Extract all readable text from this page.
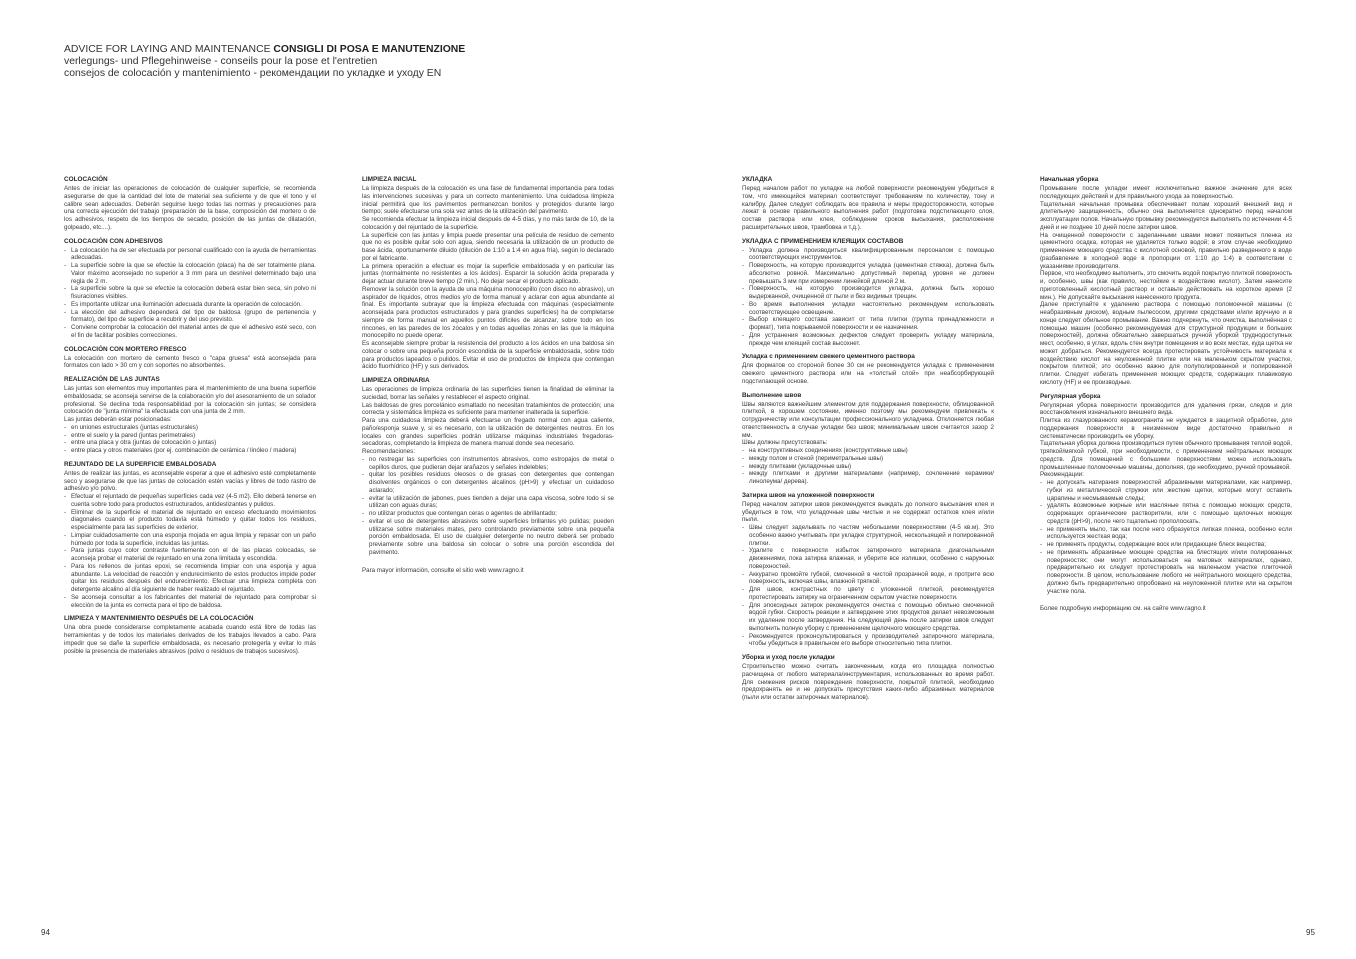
ADVICE FOR LAYING AND MAINTENANCE CONSIGLI DI POSA E MANUTENZIONE
verlegungs- und Pflegehinweise - conseils pour la pose et l'entretien
consejos de colocación y mantenimiento - рекомендации по укладке и уходу EN
COLOCACIÓN

Antes de iniciar las operaciones de colocación de cualquier superficie, se recomienda asegurarse de que la cantidad del lote de material sea suficiente y de que el tono y el calibre sean adecuados. Deberán seguirse luego todas las normas y precauciones para una correcta ejecución del trabajo (preparación de la base, composición del mortero o de los adhesivos, respeto de los tiempos de secado, posición de las juntas de dilatación, golpeado, etc....).

COLOCACIÓN CON ADHESIVOS
- La colocación ha de ser efectuada por personal cualificado con la ayuda de herramientas adecuadas.
- La superficie sobre la que se efectúe la colocación (placa) ha de ser totalmente plana. Valor máximo aconsejado no superior a 3 mm para un desnivel determinado bajo una regla de 2 m.
- La superficie sobre la que se efectúe la colocación deberá estar bien seca, sin polvo ni fisuraciones visibles.
- Es importante utilizar una iluminación adecuada durante la operación de colocación.
- La elección del adhesivo dependerá del tipo de baldosa (grupo de pertenencia y formato), del tipo de superficie a recubrir y del uso previsto.
- Conviene comprobar la colocación del material antes de que el adhesivo esté seco, con el fin de facilitar posibles correcciones.
COLOCACIÓN CON MORTERO FRESCO

La colocación con mortero de cemento fresco o "capa gruesa" está aconsejada para formatos con lado > 30 cm y con soportes no absorbentes.

REALIZACIÓN DE LAS JUNTAS

Las juntas son elementos muy importantes para el mantenimiento de una buena superficie embaldosada; se aconseja servirse de la colaboración y/o del asesoramiento de un solador profesional. Se declina toda responsabilidad por la colocación sin juntas; se considera colocación de "junta mínima" la efectuada con una junta de 2 mm.

Las juntas deberán estar posicionadas:

- en uniones estructurales (juntas estructurales)
- entre el suelo y la pared (juntas perimetrales)
- entre una placa y otra (juntas de colocación o juntas)
- entre placa y otros materiales (por ej. combinación de cerámica / linóleo / madera)
REJUNTADO DE LA SUPERFICIE EMBALDOSADA

Antes de realizar las juntas, es aconsejable esperar a que el adhesivo esté completamente seco y asegurarse de que las juntas de colocación estén vacías y libres de todo rastro de adhesivo y/o polvo.

- Efectuar el rejuntado de pequeñas superficies cada vez (4-5 m2). Ello deberá tenerse en cuenta sobre todo para productos estructurados, antideslizantes y pulidos.
- Eliminar de la superficie el material de rejuntado en exceso efectuando movimientos diagonales cuando el producto todavía está húmedo y quitar todos los residuos, especialmente para las superficies de exterior.
- Limpiar cuidadosamente con una esponja mojada en agua limpia y repasar con un paño húmedo por toda la superficie, incluidas las juntas.
- Para juntas cuyo color contraste fuertemente con el de las placas colocadas, se aconseja probar el material de rejuntado en una zona limitada y escondida.
- Para los rellenos de juntas epoxi, se recomienda limpiar con una esponja y agua abundante. La velocidad de reacción y endurecimiento de estos productos impide poder quitar los residuos después del endurecimiento. Efectuar una limpieza completa con detergente alcalino al día siguiente de haber realizado el rejuntado.
- Se aconseja consultar a los fabricantes del material de rejuntado para comprobar si elección de la junta es correcta para el tipo de baldosa.
LIMPIEZA Y MANTENIMIENTO DESPUÉS DE LA COLOCACIÓN

Una obra puede considerarse completamente acabada cuando está libre de todas las herramientas y de todos los materiales derivados de los trabajos llevados a cabo. Para impedir que se dañe la superficie embaldosada, es necesario protegerla y evitar lo más posible la presencia de materiales abrasivos (polvo o residuos de trabajos sucesivos).

LIMPIEZA INICIAL

La limpieza después de la colocación es una fase de fundamental importancia para todas las intervenciones sucesivas y para un correcto mantenimiento. Una cuidadosa limpieza inicial permitirá que los pavimentos permanezcan bonitos y protegidos durante largo tiempo; suele efectuarse una sola vez antes de la utilización del pavimento.

Se recomienda efectuar la limpieza inicial después de 4-5 días, y no más tarde de 10, de la colocación y del rejuntado de la superficie.

La superficie con las juntas y limpia puede presentar una película de residuo de cemento que no es posible quitar solo con agua, siendo necesaria la utilización de un producto de base ácida, oportunamente diluido (dilución de 1:10 a 1:4 en agua fría), según lo declarado por el fabricante.

La primera operación a efectuar es mojar la superficie embaldosada y en particular las juntas (normalmente no resistentes a los ácidos). Esparcir la solución ácida preparada y dejar actuar durante breve tiempo (2 min.). No dejar secar el producto aplicado.

Remover la solución con la ayuda de una máquina monocepillo (con disco no abrasivo), un aspirador de líquidos, otros medios y/o de forma manual y aclarar con agua abundante al final. Es importante subrayar que la limpieza efectuada con máquinas (especialmente aconsejada para productos estructurados y para grandes superficies) ha de completarse siempre de forma manual en aquellos puntos difíciles de alcanzar, sobre todo en los rincones, en las paredes de los zócalos y en todas aquellas zonas en las que la máquina monocepillo no puede operar.

Es aconsejable siempre probar la resistencia del producto a los ácidos en una baldosa sin colocar o sobre una pequeña porción escondida de la superficie embaldosada, sobre todo para productos lapeados o pulidos. Evitar el uso de productos de limpieza que contengan ácido fluorhídrico (HF) y sus derivados.

LIMPIEZA ORDINARIA

Las operaciones de limpieza ordinaria de las superficies tienen la finalidad de eliminar la suciedad, borrar las señales y restablecer el aspecto original.

Las baldosas de gres porcelánico esmaltado no necesitan tratamientos de protección; una correcta y sistemática limpieza es suficiente para mantener inalterada la superficie.

Para una cuidadosa limpieza deberá efectuarse un fregado normal con agua caliente, paño/esponja suave y, si es necesario, con la utilización de detergentes neutros. En los locales con grandes superficies podrán utilizarse máquinas industriales fregadoras-secadoras, completando la limpieza de manera manual donde sea necesario.

Recomendaciones:

- no restregar las superficies con instrumentos abrasivos, como estropajos de metal o cepillos duros, que pudieran dejar arañazos y señales indelebles;
- quitar los posibles residuos oleosos o de grasas con detergentes que contengan disolventes orgánicos o con detergentes alcalinos (pH>9) y efectuar un cuidadoso aclarado;
- evitar la utilización de jabones, pues tienden a dejar una capa viscosa, sobre todo si se utilizan con aguas duras;
- no utilizar productos que contengan ceras o agentes de abrillantado;
- evitar el uso de detergentes abrasivos sobre superficies brillantes y/o pulidas; pueden utilizarse sobre materiales mates, pero controlando previamente sobre una pequeña porción embaldosada. El uso de cualquier detergente no neutro deberá ser probado previamente sobre una baldosa sin colocar o sobre una porción escondida del pavimento.

Para mayor información, consulte el sitio web www.ragno.it

УКЛАДКА

Перед началом работ по укладке на любой поверхности рекомендуем убедиться в том, что имеющийся материал соответствует требованиям по количеству, тону и калибру. Далее следует соблюдать все правила и меры предосторожности, которые лежат в основе правильного выполнения работ (подготовка подстилающего слоя, состав раствора или клея, соблюдение сроков высыхания, расположение расширительных швов, трамбовка и т.д.).

УКЛАДКА С ПРИМЕНЕНИЕМ КЛЕЯЩИХ СОСТАВОВ
- Укладка должна производиться квалифицированным персоналом с помощью соответствующих инструментов.
- Поверхность, на которую производится укладка (цементная стяжка), должна быть абсолютно ровной. Максимально допустимый перепад уровня не должен превышать 3 мм при измерении линейкой длиной 2 м.
- Поверхность, на которую производится укладка, должна быть хорошо выдержанной, очищенной от пыли и без видимых трещин.
- Во время выполнения укладки настоятельно рекомендуем использовать соответствующее освещение.
- Выбор клеящего состава зависит от типа плитки (группа принадлежности и формат), типа покрываемой поверхности и ее назначения.
- Для устранения возможных дефектов следует проверить укладку материала, прежде чем клеящий состав высохнет.
Укладка с применением свежего цементного раствора

Для форматов со стороной более 30 см не рекомендуется укладка с применением свежего цементного раствора или на «толстый слой» при неабсорбирующей подстилающей основе.

Выполнение швов

Швы являются важнейшим элементом для поддержания поверхности, облицованной плиткой, в хорошем состоянии, именно поэтому мы рекомендуем привлекать к сотрудничеству или консультации профессионального укладчика. Отклоняется любая ответственность в случае укладки без швов; минимальным швом считается зазор 2 мм.

Швы должны присутствовать:

- на конструктивных соединениях (конструктивные швы)
- между полом и стеной (периметральные швы)
- между плитками (укладочные швы)
- между плитками и другими материалами (например, сочленение керамики/линолеума/ дерева).
Затирка швов на уложенной поверхности

Перед началом затирки швов рекомендуется выждать до полного высыхания клея и убедиться в том, что укладочные швы чистые и не содержат остатков клея и/или пыли.

- Швы следует заделывать по частям небольшими поверхностями (4-5 кв.м). Это особенно важно учитывать при укладке структурной, нескользящей и полированной плитки.
- Удалите с поверхности избыток затирочного материала диагональными движениями, пока затирка влажная, и уберите все излишки, особенно с наружных поверхностей.
- Аккуратно промойте губкой, смоченной в чистой прозрачной воде, и протрите всю поверхность, включая швы, влажной тряпкой.
- Для швов, контрастных по цвету с уложенной плиткой, рекомендуется протестировать затирку на ограниченном скрытом участке поверхности.
- Для эпоксидных затирок рекомендуется очистка с помощью обильно смоченной водой губки. Скорость реакции и затвердение этих продуктов делает невозможным их удаление после затвердения. На следующий день после затирки швов следует выполнить полную уборку с применением щелочного моющего средства.
- Рекомендуется проконсультироваться у производителей затирочного материала, чтобы убедиться в правильном его выборе относительно типа плитки.
Уборка и уход после укладки

Строительство можно считать законченным, когда его площадка полностью расчищена от любого материала/инструментария, использованных во время работ. Для снижения рисков повреждения поверхности, покрытой плиткой, необходимо предохранять ее и не допускать присутствия каких-либо абразивных материалов (пыли или остатки затирочных материалов).

Начальная уборка

Промывание после укладки имеет исключительно важное значение для всех последующих действий и для правильного ухода за поверхностью.

Тщательная начальная промывка обеспечивает полам хороший внешний вид и длительную защищенность, обычно она выполняется однократно перед началом эксплуатации полов. Начальную промывку рекомендуется выполнять по истечении 4-5 дней и не позднее 10 дней после затирки швов.

На очищенной поверхности с заделанными швами может появиться пленка из цементного осадка, которая не удаляется только водой; в этом случае необходимо применение моющего средства с кислотной основой, правильно разведенного в воде (разбавление в холодной воде в пропорции от 1:10 до 1:4) в соответствии с указаниями производителя.

Первое, что необходимо выполнить, это смочить водой покрытую плиткой поверхность и, особенно, швы (как правило, нестойкие к воздействию кислот). Затем нанесите приготовленный кислотный раствор и оставьте действовать на короткое время (2 мин.). Не допускайте высыхания нанесенного продукта.

Далее приступайте к удалению раствора с помощью поломоечной машины (с неабразивным диском), водным пылесосом, другими средствами и/или вручную и в конце следует обильное промывание. Важно подчеркнуть, что очистка, выполнённая с помощью машин (особенно рекомендуемая для структурной продукции и больших поверхностей), должна обязательно завершаться ручной уборкой труднодоступных мест, особенно, в углах, вдоль стен внутри помещения и во всех местах, куда щетка не может добраться. Рекомендуется всегда протестировать устойчивость материала к воздействию кислот на неуложенной плитке или на маленьком скрытом участке, покрытом плиткой; это особенно важно для полуполированной и полированной плитки. Следует избегать применения моющих средств, содержащих плавиковую кислоту (HF) и ее производные.

Регулярная уборка

Регулярная уборка поверхности производится для удаления грязи, следов и для восстановления изначального внешнего вида.

Плитка из глазурованного керамогранита не нуждается в защитной обработке, для поддержания поверхности в неизменном виде достаточно правильно и систематически производить ее уборку.

Тщательная уборка должна производиться путем обычного промывания теплой водой, тряпкой/мягкой губкой, при необходимости, с применением нейтральных моющих средств. Для помещений с большими поверхностями можно использовать промышленные поломоечные машины, дополняя, где необходимо, ручной промывкой.

Рекомендации:

- не допускать натирания поверхностей абразивными материалами, как например, губки из металлической стружки или жесткие щетки, которые могут оставить царапины и несмываемые следы;
- удалять возможные жирные или масляные пятна с помощью моющих средств, содержащих органические растворители, или с помощью щелочных моющих средств (pH>9), после чего тщательно прополоскать.
- не применять мыло, так как после него образуется липкая пленка, особенно если используется жесткая вода;
- не применять продукты, содержащие воск или придающие блеск вещества;
- не применять абразивные моющие средства на блестящих и/или полированных поверхностях; они могут использоваться на матовых материалах, однако, предварительно их следует протестировать на маленьком участке плиточной поверхности. В целом, использование любого не нейтрального моющего средства, должно быть предварительно опробовано на неуложенной плитке или на скрытом участке пола.

Более подробную информацию см. на сайте www.ragno.it

94	95
